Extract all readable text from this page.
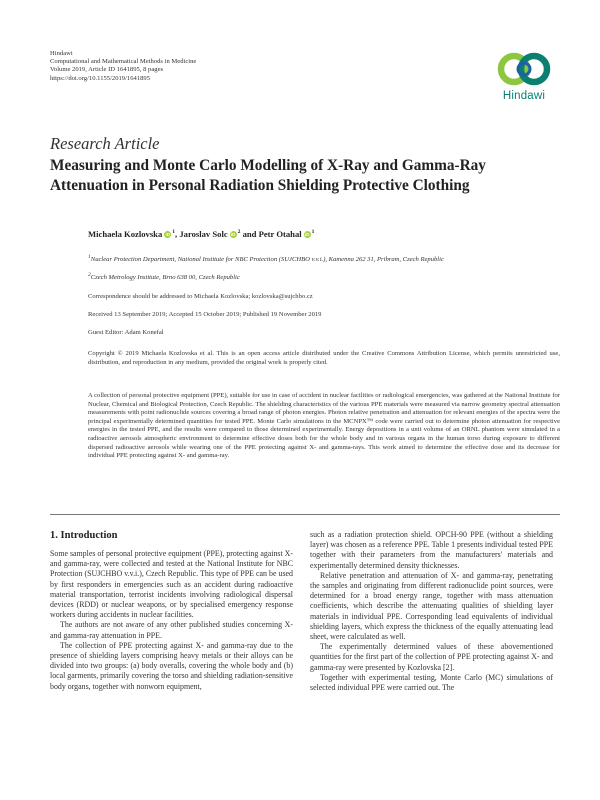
Hindawi
Computational and Mathematical Methods in Medicine
Volume 2019, Article ID 1641895, 8 pages
https://doi.org/10.1155/2019/1641895
Hindawi
Research Article
Measuring and Monte Carlo Modelling of X-Ray and Gamma-Ray
Attenuation in Personal Radiation Shielding Protective Clothing
Michaela Kozlovska iD $^1$, Jaroslav Solc iD $^2$ and Petr Otahal iD $^1$
$^1$Nuclear Protection Department, National Institute for NBC Protection (SUJCHBO v.v.i.), Kamenna 262 31, Pribram, Czech Republic
$^2$Czech Metrology Institute, Brno 638 00, Czech Republic
Correspondence should be addressed to Michaela Kozlovska; kozlovska@sujchbo.cz
Received 13 September 2019; Accepted 15 October 2019; Published 19 November 2019
Guest Editor: Adam Konefal
Copyright © 2019 Michaela Kozlovska et al. This is an open access article distributed under the Creative Commons Attribution License, which permits unrestricted use, distribution, and reproduction in any medium, provided the original work is properly cited.
A collection of personal protective equipment (PPE), suitable for use in case of accident in nuclear facilities or radiological emergencies, was gathered at the National Institute for Nuclear, Chemical and Biological Protection, Czech Republic. The shielding characteristics of the various PPE materials were measured via narrow geometry spectral attenuation measurements with point radionuclide sources covering a broad range of photon energies. Photon relative penetration and attenuation for relevant energies of the spectra were the principal experimentally determined quantities for tested PPE. Monte Carlo simulations in the MCNPX™ code were carried out to determine photon attenuation for respective energies in the tested PPE, and the results were compared to those determined experimentally. Energy depositions in a unit volume of an ORNL phantom were simulated in a radioactive aerosols atmospheric environment to determine effective doses both for the whole body and in various organs in the human torso during exposure to different dispersed radioactive aerosols while wearing one of the PPE protecting against X- and gamma-rays. This work aimed to determine the effective dose and its decrease for individual PPE protecting against X- and gamma-ray.
1. Introduction

Some samples of personal protective equipment (PPE), protecting against X- and gamma-ray, were collected and tested at the National Institute for NBC Protection (SUJCHBO v.v.i.), Czech Republic. This type of PPE can be used by first responders in emergencies such as an accident during radioactive material transportation, terrorist incidents involving radiological dispersal devices (RDD) or nuclear weapons, or by specialised emergency response workers during accidents in nuclear facilities.

The authors are not aware of any other published studies concerning X- and gamma-ray attenuation in PPE.

The collection of PPE protecting against X- and gamma-ray due to the presence of shielding layers comprising heavy metals or their alloys can be divided into two groups: (a) body overalls, covering the whole body and (b) local garments, primarily covering the torso and shielding radiation-sensitive body organs, together with nonworn equipment,

such as a radiation protection shield. OPCH-90 PPE (without a shielding layer) was chosen as a reference PPE. Table 1 presents individual tested PPE together with their parameters from the manufacturers' materials and experimentally determined density thicknesses.

Relative penetration and attenuation of X- and gamma-ray, penetrating the samples and originating from different radionuclide point sources, were determined for a broad energy range, together with mass attenuation coefficients, which describe the attenuating qualities of shielding layer materials in individual PPE. Corresponding lead equivalents of individual shielding layers, which express the thickness of the equally attenuating lead sheet, were calculated as well.

The experimentally determined values of these abovementioned quantities for the first part of the collection of PPE protecting against X- and gamma-ray were presented by Kozlovska [2].

Together with experimental testing, Monte Carlo (MC) simulations of selected individual PPE were carried out. The
